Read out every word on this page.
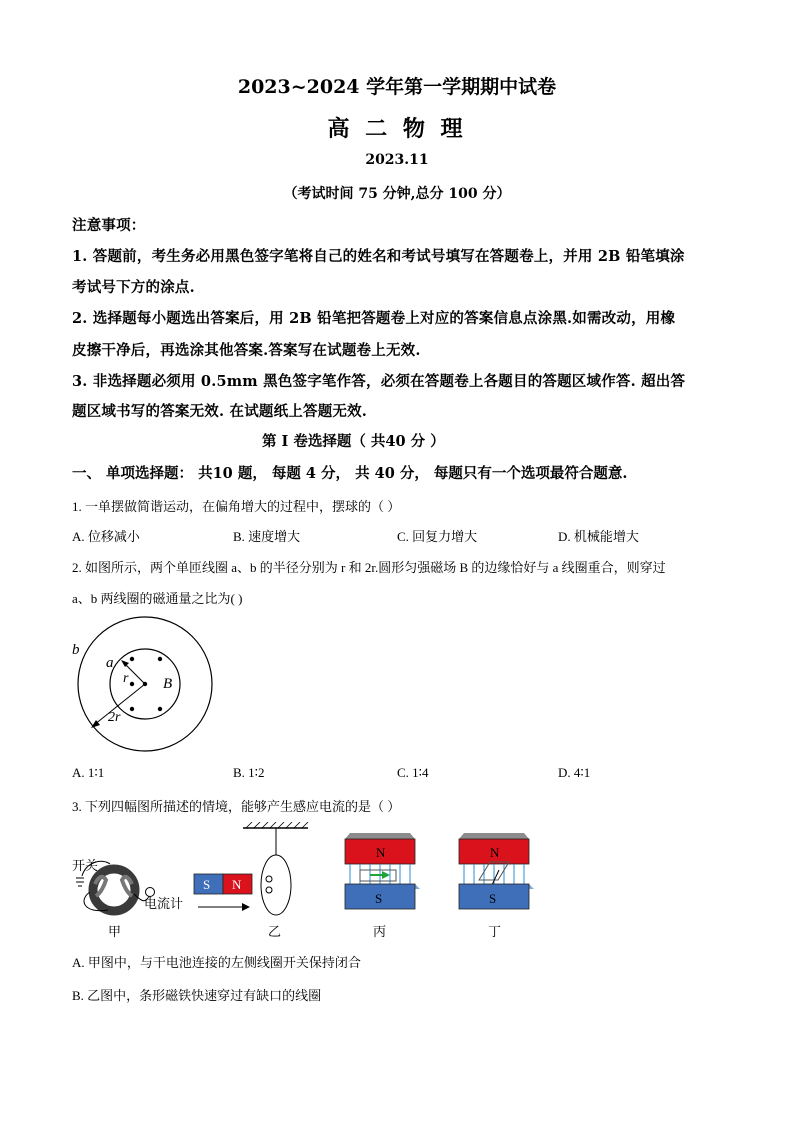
2023~2024 学年第一学期期中试卷
高 二 物 理
2023.11
（考试时间 75 分钟,总分 100 分）
注意事项：
1. 答题前，考生务必用黑色签字笔将自己的姓名和考试号填写在答题卷上，并用 2B 铅笔填涂
考试号下方的涂点.
2. 选择题每小题选出答案后，用 2B 铅笔把答题卷上对应的答案信息点涂黑.如需改动，用橡
皮擦干净后，再选涂其他答案.答案写在试题卷上无效.
3. 非选择题必须用 0.5mm 黑色签字笔作答，必须在答题卷上各题目的答题区域作答. 超出答
题区域书写的答案无效. 在试题纸上答题无效.
第 Ⅰ 卷选择题（ 共40 分 ）
一、 单项选择题： 共10 题， 每题 4 分， 共 40 分， 每题只有一个选项最符合题意.
1. 一单摆做简谐运动，在偏角增大的过程中，摆球的（ ）
A. 位移减小	B. 速度增大	C. 回复力增大	D. 机械能增大
2. 如图所示，两个单匝线圈 a、b 的半径分别为 r 和 2r.圆形匀强磁场 B 的边缘恰好与 a 线圈重合，则穿过
a、b 两线圈的磁通量之比为( )
b
a
r B
2r
A. 1∶1	B. 1∶2	C. 1∶4	D. 4∶1
3. 下列四幅图所描述的情境，能够产生感应电流的是（ ）
开关
电流计
甲
S N
乙
N
S
丙
N
S
丁
A. 甲图中，与干电池连接的左侧线圈开关保持闭合
B. 乙图中，条形磁铁快速穿过有缺口的线圈
